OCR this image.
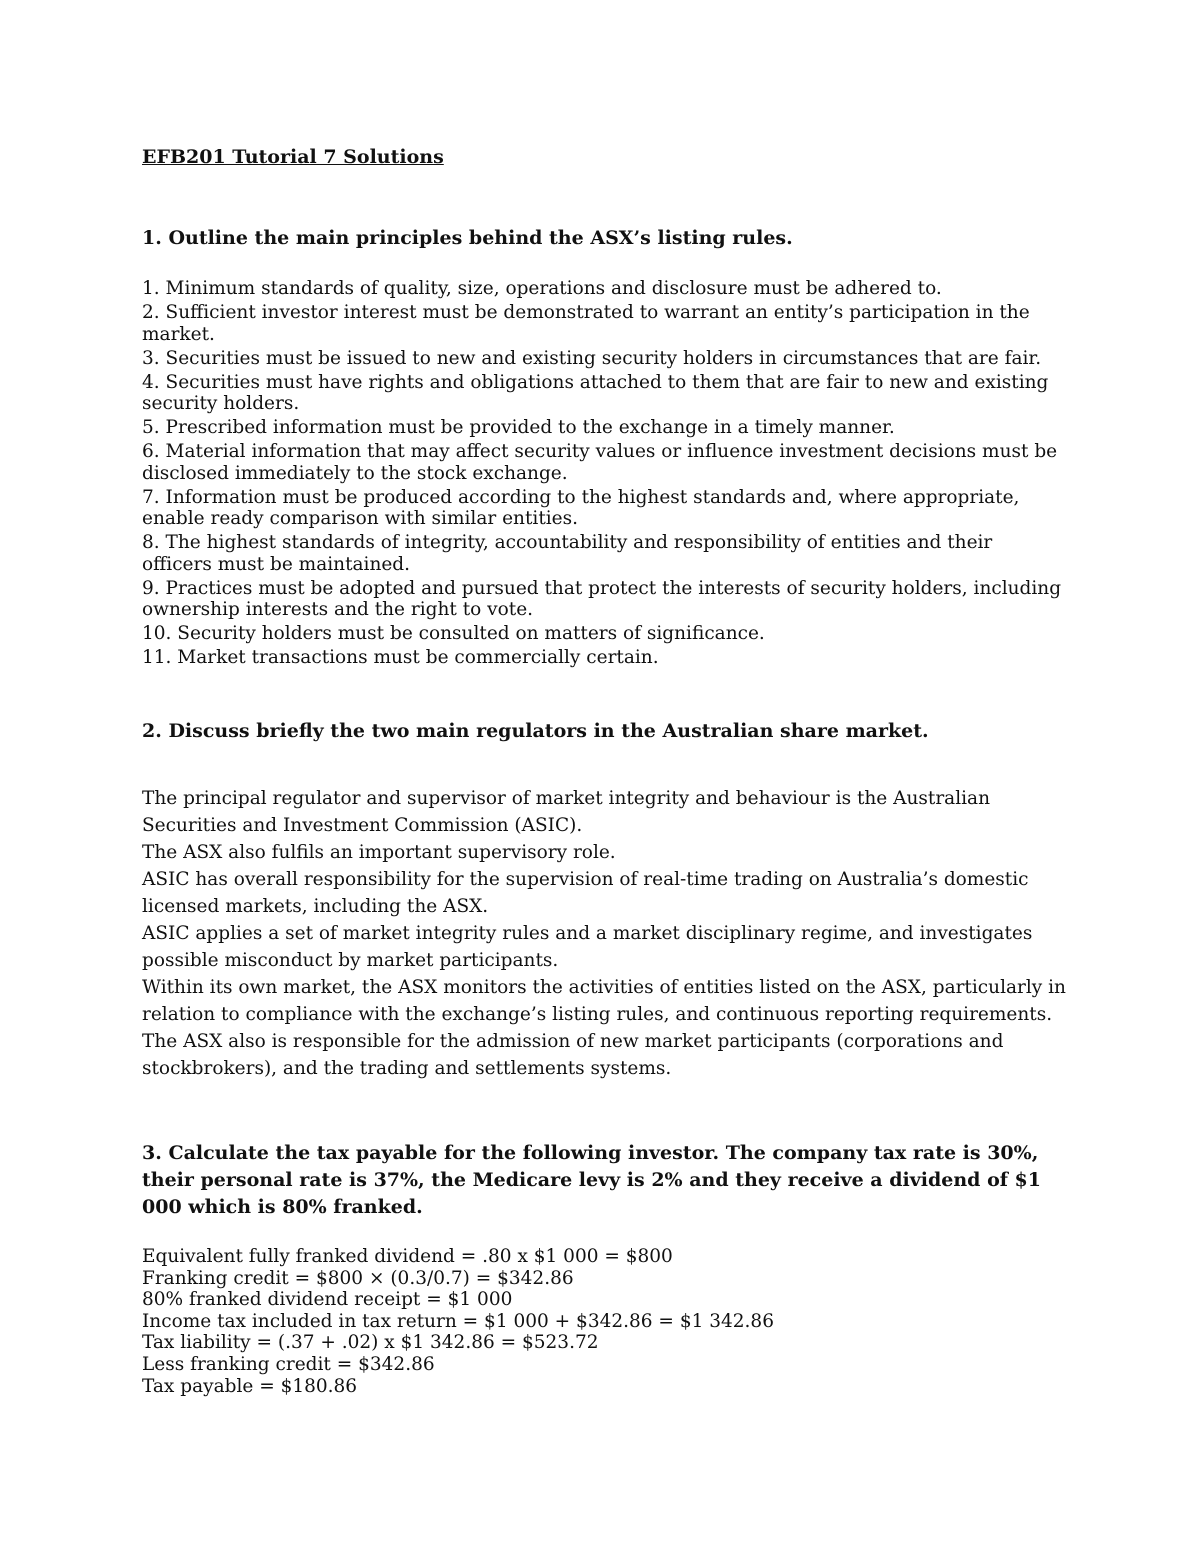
EFB201 Tutorial 7 Solutions
1. Outline the main principles behind the ASX’s listing rules.
1. Minimum standards of quality, size, operations and disclosure must be adhered to.
2. Sufficient investor interest must be demonstrated to warrant an entity’s participation in the market.
3. Securities must be issued to new and existing security holders in circumstances that are fair.
4. Securities must have rights and obligations attached to them that are fair to new and existing security holders.
5. Prescribed information must be provided to the exchange in a timely manner.
6. Material information that may affect security values or influence investment decisions must be disclosed immediately to the stock exchange.
7. Information must be produced according to the highest standards and, where appropriate, enable ready comparison with similar entities.
8. The highest standards of integrity, accountability and responsibility of entities and their officers must be maintained.
9. Practices must be adopted and pursued that protect the interests of security holders, including ownership interests and the right to vote.
10. Security holders must be consulted on matters of significance.
11. Market transactions must be commercially certain.
2. Discuss briefly the two main regulators in the Australian share market.
The principal regulator and supervisor of market integrity and behaviour is the Australian Securities and Investment Commission (ASIC).
The ASX also fulfils an important supervisory role.
ASIC has overall responsibility for the supervision of real-time trading on Australia’s domestic licensed markets, including the ASX.
ASIC applies a set of market integrity rules and a market disciplinary regime, and investigates possible misconduct by market participants.
Within its own market, the ASX monitors the activities of entities listed on the ASX, particularly in relation to compliance with the exchange’s listing rules, and continuous reporting requirements.
The ASX also is responsible for the admission of new market participants (corporations and stockbrokers), and the trading and settlements systems.
3. Calculate the tax payable for the following investor. The company tax rate is 30%, their personal rate is 37%, the Medicare levy is 2% and they receive a dividend of $1 000 which is 80% franked.
Equivalent fully franked dividend = .80 x $1 000 = $800
Franking credit = $800 × (0.3/0.7) = $342.86
80% franked dividend receipt = $1 000
Income tax included in tax return = $1 000 + $342.86 = $1 342.86
Tax liability = (.37 + .02) x $1 342.86 = $523.72
Less franking credit = $342.86
Tax payable = $180.86
